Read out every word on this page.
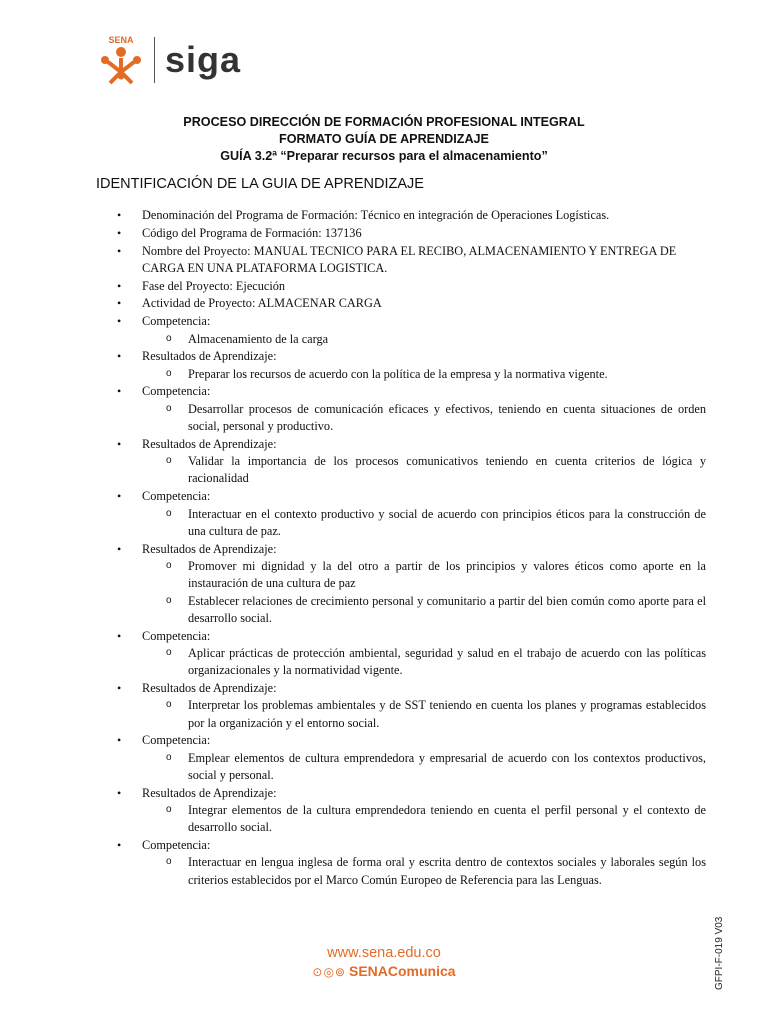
SENA siga
PROCESO DIRECCIÓN DE FORMACIÓN PROFESIONAL INTEGRAL
FORMATO GUÍA DE APRENDIZAJE
GUÍA 3.2ª “Preparar recursos para el almacenamiento”
IDENTIFICACIÓN DE LA GUIA DE APRENDIZAJE
• Denominación del Programa de Formación: Técnico en integración de Operaciones Logísticas.
• Código del Programa de Formación: 137136
• Nombre del Proyecto: MANUAL TECNICO PARA EL RECIBO, ALMACENAMIENTO Y ENTREGA DE CARGA EN UNA PLATAFORMA LOGISTICA.
• Fase del Proyecto: Ejecución
• Actividad de Proyecto: ALMACENAR CARGA
• Competencia:
o Almacenamiento de la carga
• Resultados de Aprendizaje:
o Preparar los recursos de acuerdo con la política de la empresa y la normativa vigente.
• Competencia:
o Desarrollar procesos de comunicación eficaces y efectivos, teniendo en cuenta situaciones de orden social, personal y productivo.
• Resultados de Aprendizaje:
o Validar la importancia de los procesos comunicativos teniendo en cuenta criterios de lógica y racionalidad
• Competencia:
o Interactuar en el contexto productivo y social de acuerdo con principios éticos para la construcción de una cultura de paz.
• Resultados de Aprendizaje:
o Promover mi dignidad y la del otro a partir de los principios y valores éticos como aporte en la instauración de una cultura de paz
o Establecer relaciones de crecimiento personal y comunitario a partir del bien común como aporte para el desarrollo social.
• Competencia:
o Aplicar prácticas de protección ambiental, seguridad y salud en el trabajo de acuerdo con las políticas organizacionales y la normatividad vigente.
• Resultados de Aprendizaje:
o Interpretar los problemas ambientales y de SST teniendo en cuenta los planes y programas establecidos por la organización y el entorno social.
• Competencia:
o Emplear elementos de cultura emprendedora y empresarial de acuerdo con los contextos productivos, social y personal.
• Resultados de Aprendizaje:
o Integrar elementos de la cultura emprendedora teniendo en cuenta el perfil personal y el contexto de desarrollo social.
• Competencia:
o Interactuar en lengua inglesa de forma oral y escrita dentro de contextos sociales y laborales según los criterios establecidos por el Marco Común Europeo de Referencia para las Lenguas.
www.sena.edu.co
⊙◎⊚ SENAComunica	GFPI-F-019 V03
